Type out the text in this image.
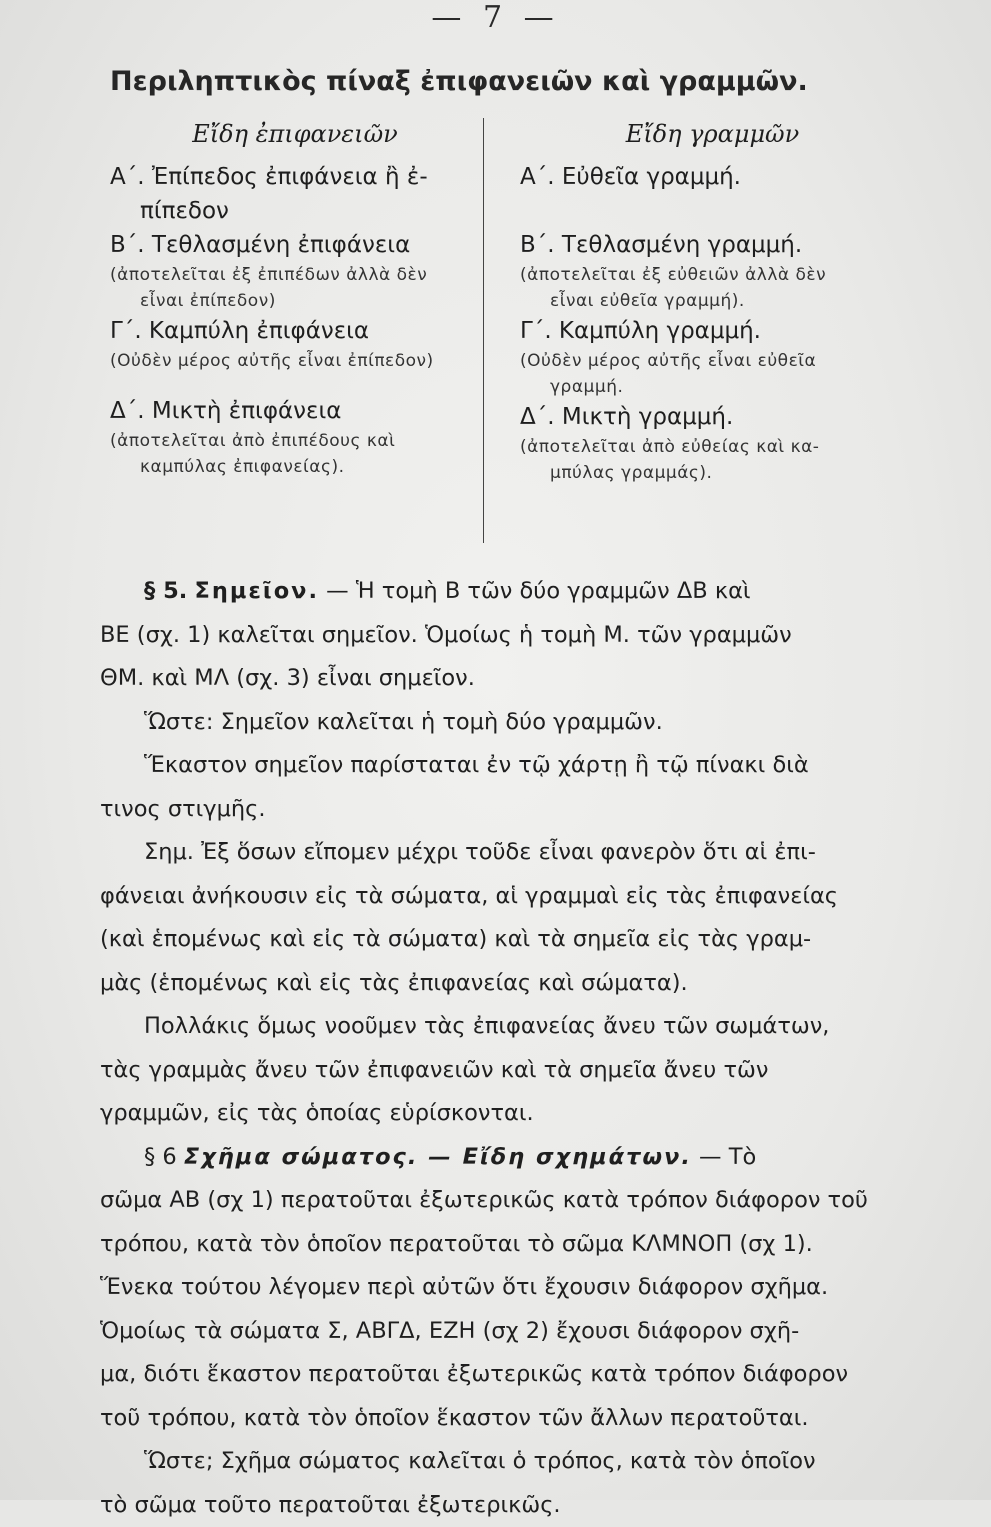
— 7 —
Περιληπτικὸς πίναξ ἐπιφανειῶν καὶ γραμμῶν.
Εἴδη ἐπιφανειῶν
Α΄. Ἐπίπεδος ἐπιφάνεια ἢ ἐ-
πίπεδον
Β΄. Τεθλασμένη ἐπιφάνεια
(ἀποτελεῖται ἐξ ἐπιπέδων ἀλλὰ δὲν
εἶναι ἐπίπεδον)
Γ΄. Καμπύλη ἐπιφάνεια
(Οὐδὲν μέρος αὐτῆς εἶναι ἐπίπεδον)
Δ΄. Μικτὴ ἐπιφάνεια
(ἀποτελεῖται ἀπὸ ἐπιπέδους καὶ
καμπύλας ἐπιφανείας).
Εἴδη γραμμῶν
Α΄. Εὐθεῖα γραμμή.
Β΄. Τεθλασμένη γραμμή.
(ἀποτελεῖται ἐξ εὐθειῶν ἀλλὰ δὲν
εἶναι εὐθεῖα γραμμή).
Γ΄. Καμπύλη γραμμή.
(Οὐδὲν μέρος αὐτῆς εἶναι εὐθεῖα
γραμμή.
Δ΄. Μικτὴ γραμμή.
(ἀποτελεῖται ἀπὸ εὐθείας καὶ κα-
μπύλας γραμμάς).

§ 5. Σημεῖον. — Ἡ τομὴ Β τῶν δύο γραμμῶν ΔΒ καὶ

ΒΕ (σχ. 1) καλεῖται σημεῖον. Ὁμοίως ἡ τομὴ Μ. τῶν γραμμῶν

ΘΜ. καὶ ΜΛ (σχ. 3) εἶναι σημεῖον.

Ὥστε: Σημεῖον καλεῖται ἡ τομὴ δύο γραμμῶν.

Ἕκαστον σημεῖον παρίσταται ἐν τῷ χάρτῃ ἢ τῷ πίνακι διὰ

τινος στιγμῆς.

Σημ. Ἐξ ὅσων εἴπομεν μέχρι τοῦδε εἶναι φανερὸν ὅτι αἱ ἐπι-

φάνειαι ἀνήκουσιν εἰς τὰ σώματα, αἱ γραμμαὶ εἰς τὰς ἐπιφανείας

(καὶ ἑπομένως καὶ εἰς τὰ σώματα) καὶ τὰ σημεῖα εἰς τὰς γραμ-

μὰς (ἑπομένως καὶ εἰς τὰς ἐπιφανείας καὶ σώματα).

Πολλάκις ὅμως νοοῦμεν τὰς ἐπιφανείας ἄνευ τῶν σωμάτων,

τὰς γραμμὰς ἄνευ τῶν ἐπιφανειῶν καὶ τὰ σημεῖα ἄνευ τῶν

γραμμῶν, εἰς τὰς ὁποίας εὑρίσκονται.

§ 6 Σχῆμα σώματος. — Εἴδη σχημάτων. — Τὸ

σῶμα ΑΒ (σχ 1) περατοῦται ἐξωτερικῶς κατὰ τρόπον διάφορον τοῦ

τρόπου, κατὰ τὸν ὁποῖον περατοῦται τὸ σῶμα ΚΛΜΝΟΠ (σχ 1).

Ἕνεκα τούτου λέγομεν περὶ αὐτῶν ὅτι ἔχουσιν διάφορον σχῆμα.

Ὁμοίως τὰ σώματα Σ, ΑΒΓΔ, ΕΖΗ (σχ 2) ἔχουσι διάφορον σχῆ-

μα, διότι ἕκαστον περατοῦται ἐξωτερικῶς κατὰ τρόπον διάφορον

τοῦ τρόπου, κατὰ τὸν ὁποῖον ἕκαστον τῶν ἄλλων περατοῦται.

Ὥστε; Σχῆμα σώματος καλεῖται ὁ τρόπος, κατὰ τὸν ὁποῖον

τὸ σῶμα τοῦτο περατοῦται ἐξωτερικῶς.
